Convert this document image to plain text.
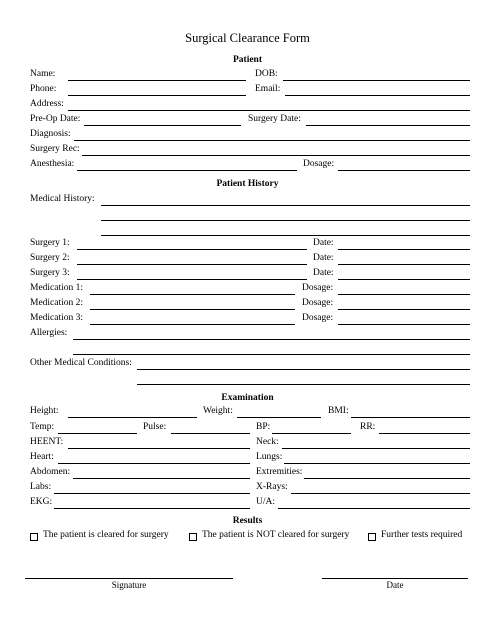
Surgical Clearance Form
Patient
Name:	DOB:
Phone:	Email:
Address:
Pre-Op Date:	Surgery Date:
Diagnosis:
Surgery Rec:
Anesthesia:	Dosage:
Patient History
Medical History:
Surgery 1:	Date:
Surgery 2:	Date:
Surgery 3:	Date:
Medication 1:	Dosage:
Medication 2:	Dosage:
Medication 3:	Dosage:
Allergies:
Other Medical Conditions:
Examination
Height:	Weight:	BMI:
Temp:	Pulse:	BP:	RR:
HEENT:	Neck:
Heart:	Lungs:
Abdomen:	Extremities:
Labs:	X-Rays:
EKG:	U/A:
Results
The patient is cleared for surgery	The patient is NOT cleared for surgery	Further tests required
Signature	Date
